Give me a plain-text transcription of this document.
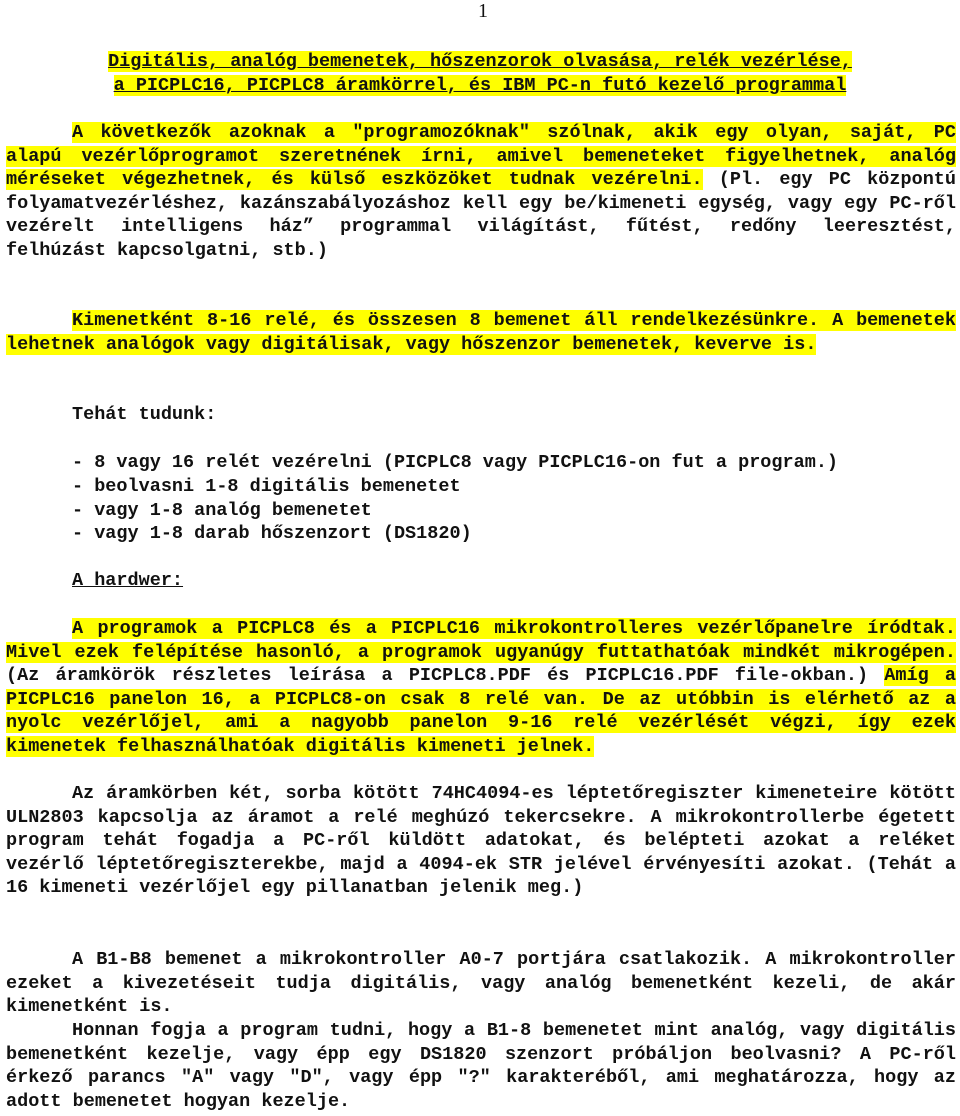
1
Digitális, analóg bemenetek, hőszenzorok olvasása, relék vezérlése,
a PICPLC16, PICPLC8 áramkörrel, és IBM PC-n futó kezelő programmal
A következők azoknak a "programozóknak" szólnak, akik egy olyan, saját, PC alapú vezérlőprogramot szeretnének írni, amivel bemeneteket figyelhetnek, analóg méréseket végezhetnek, és külső eszközöket tudnak vezérelni. (Pl. egy PC központú folyamatvezérléshez, kazánszabályozáshoz kell egy be/kimeneti egység, vagy egy PC-ről vezérelt intelligens ház” programmal világítást, fűtést, redőny leeresztést, felhúzást kapcsolgatni, stb.)
Kimenetként 8-16 relé, és összesen 8 bemenet áll rendelkezésünkre. A bemenetek lehetnek analógok vagy digitálisak, vagy hőszenzor bemenetek, keverve is.
Tehát tudunk:
- 8 vagy 16 relét vezérelni (PICPLC8 vagy PICPLC16-on fut a program.)
- beolvasni 1-8 digitális bemenetet
- vagy 1-8 analóg bemenetet
- vagy 1-8 darab hőszenzort (DS1820)
A hardwer:
A programok a PICPLC8 és a PICPLC16 mikrokontrolleres vezérlőpanelre íródtak. Mivel ezek felépítése hasonló, a programok ugyanúgy futtathatóak mindkét mikrogépen. (Az áramkörök részletes leírása a PICPLC8.PDF és PICPLC16.PDF file-okban.) Amíg a PICPLC16 panelon 16, a PICPLC8-on csak 8 relé van. De az utóbbin is elérhető az a nyolc vezérlőjel, ami a nagyobb panelon 9-16 relé vezérlését végzi, így ezek kimenetek felhasználhatóak digitális kimeneti jelnek.
Az áramkörben két, sorba kötött 74HC4094-es léptetőregiszter kimeneteire kötött ULN2803 kapcsolja az áramot a relé meghúzó tekercsekre. A mikrokontrollerbe égetett program tehát fogadja a PC-ről küldött adatokat, és belépteti azokat a reléket vezérlő léptetőregiszterekbe, majd a 4094-ek STR jelével érvényesíti azokat. (Tehát a 16 kimeneti vezérlőjel egy pillanatban jelenik meg.)
A B1-B8 bemenet a mikrokontroller A0-7 portjára csatlakozik. A mikrokontroller ezeket a kivezetéseit tudja digitális, vagy analóg bemenetként kezeli, de akár kimenetként is.
Honnan fogja a program tudni, hogy a B1-8 bemenetet mint analóg, vagy digitális bemenetként kezelje, vagy épp egy DS1820 szenzort próbáljon beolvasni? A PC-ről érkező parancs "A" vagy "D", vagy épp "?" karakteréből, ami meghatározza, hogy az adott bemenetet hogyan kezelje.
